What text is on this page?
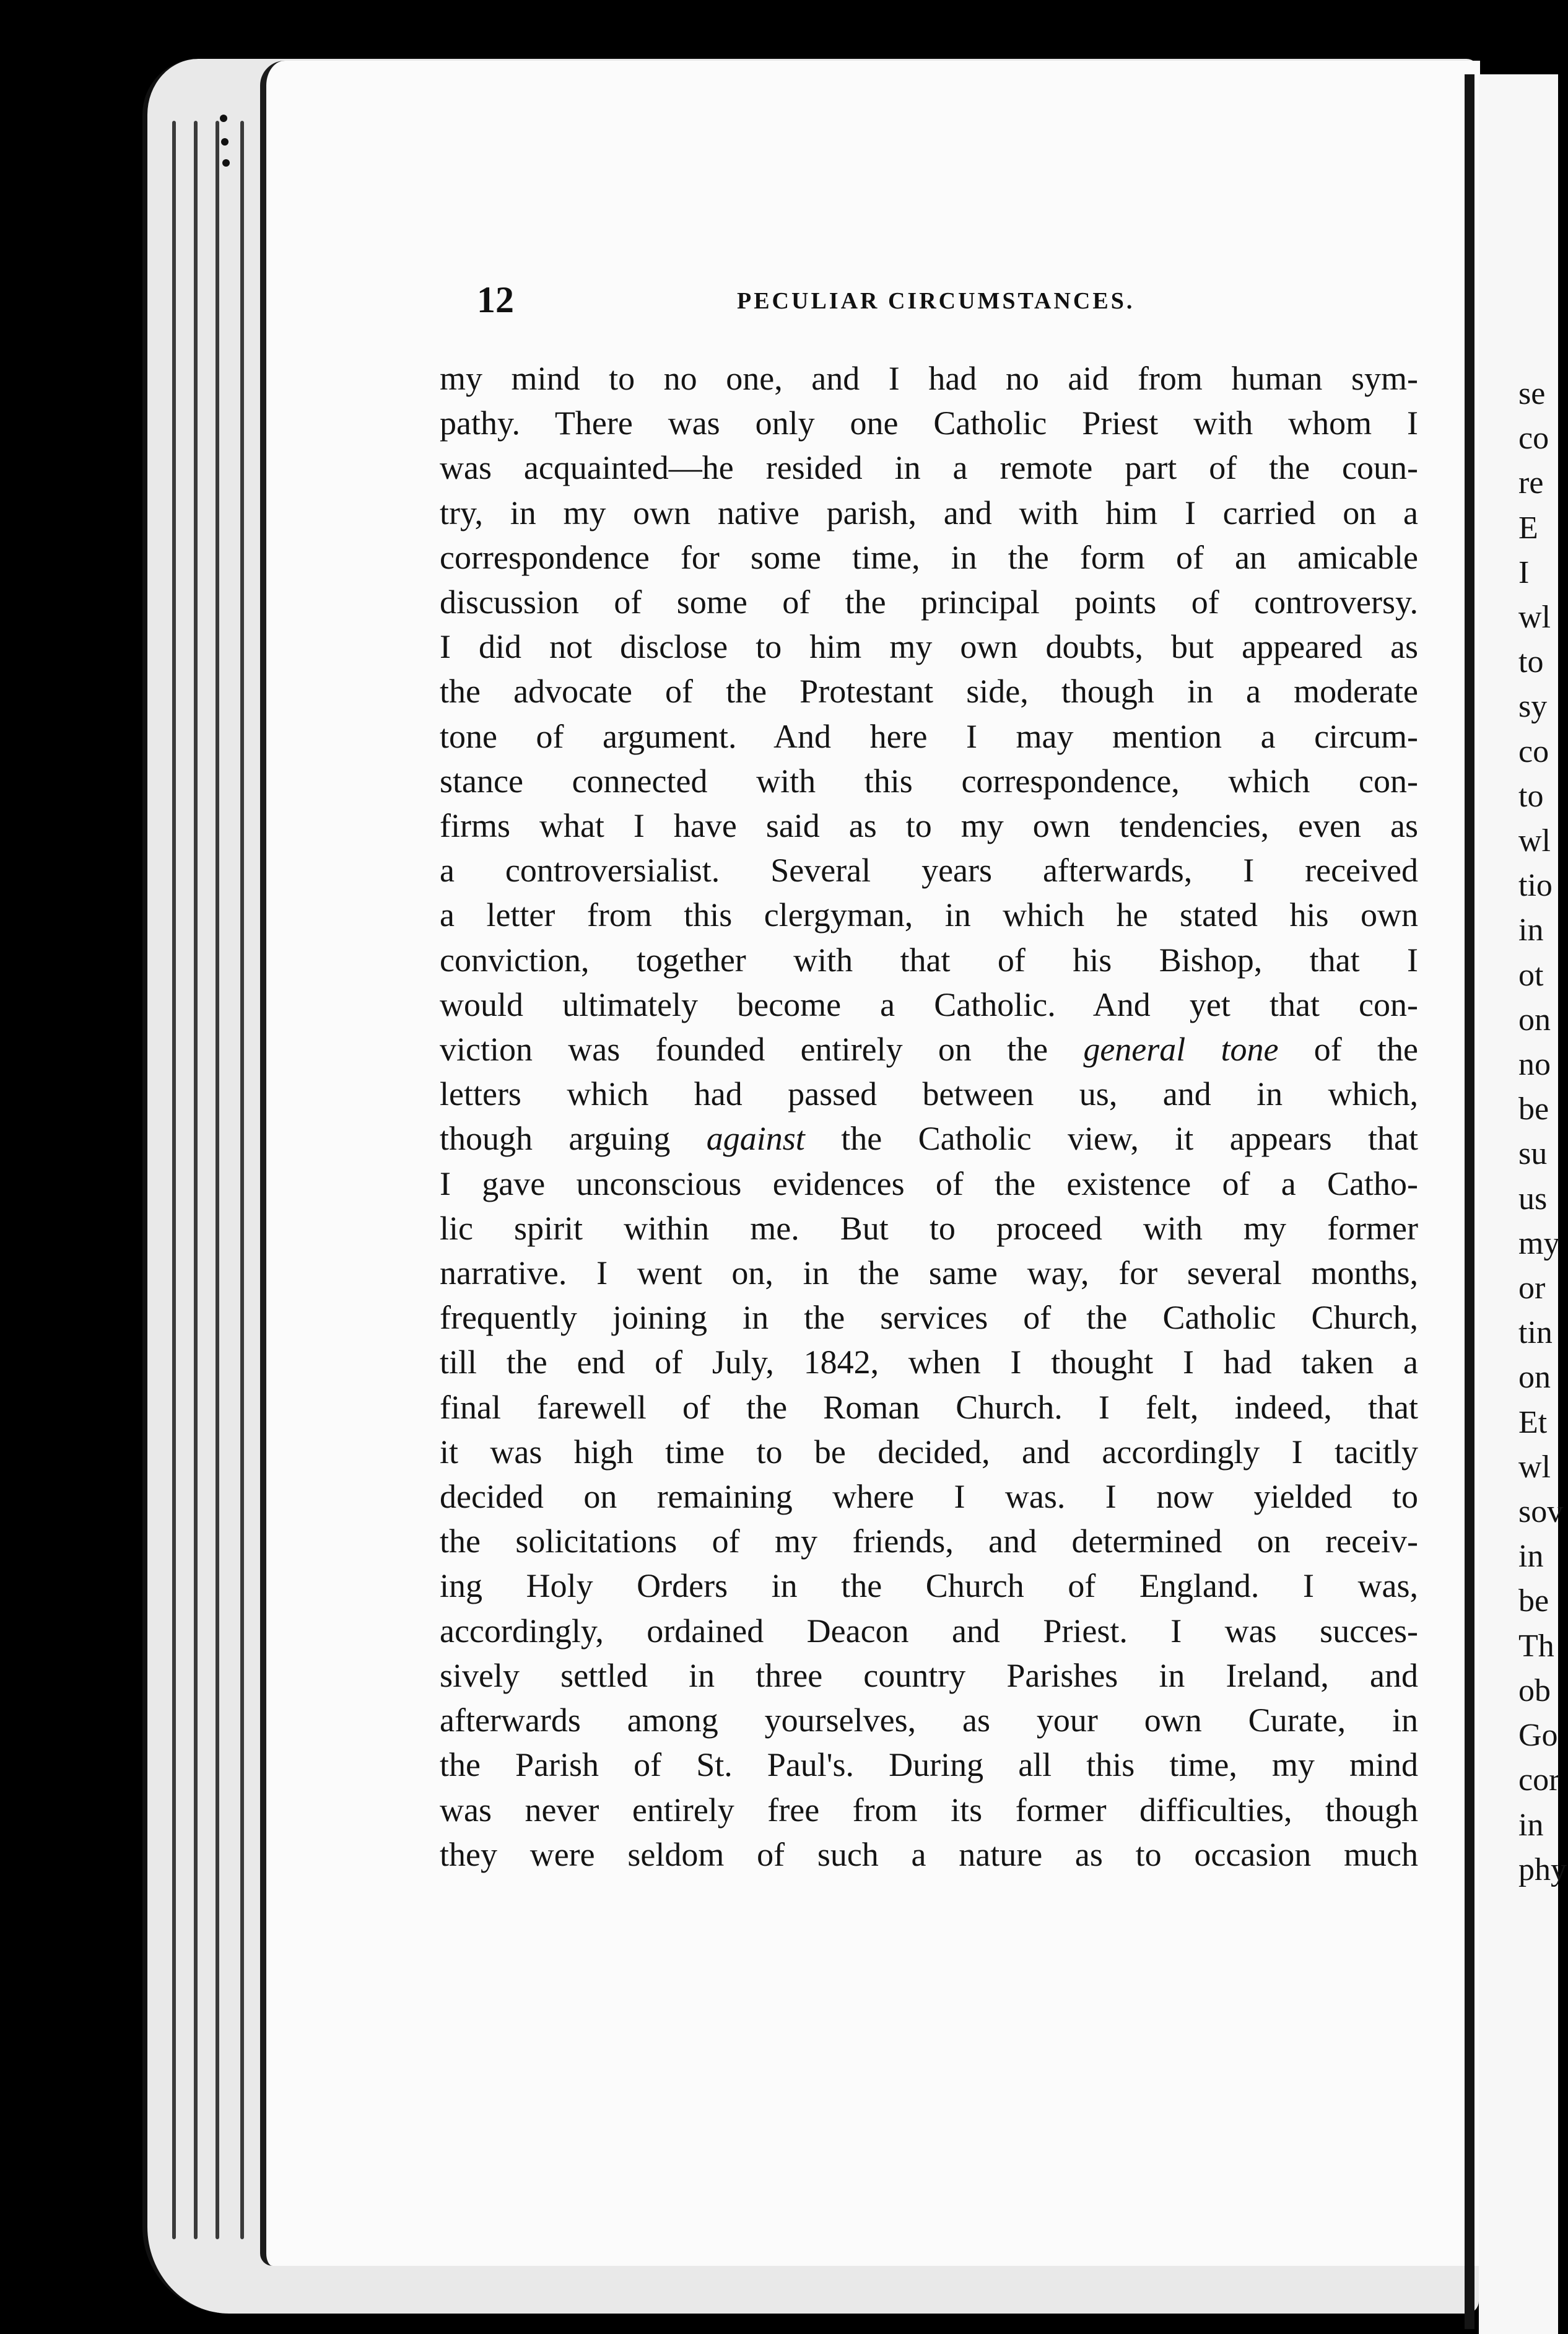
12	PECULIAR CIRCUMSTANCES.
my mind to no one, and I had no aid from human sym-
pathy. There was only one Catholic Priest with whom I
was acquainted—he resided in a remote part of the coun-
try, in my own native parish, and with him I carried on a
correspondence for some time, in the form of an amicable
discussion of some of the principal points of controversy.
I did not disclose to him my own doubts, but appeared as
the advocate of the Protestant side, though in a moderate
tone of argument. And here I may mention a circum-
stance connected with this correspondence, which con-
firms what I have said as to my own tendencies, even as
a controversialist. Several years afterwards, I received
a letter from this clergyman, in which he stated his own
conviction, together with that of his Bishop, that I
would ultimately become a Catholic. And yet that con-
viction was founded entirely on the general tone of the
letters which had passed between us, and in which,
though arguing against the Catholic view, it appears that
I gave unconscious evidences of the existence of a Catho-
lic spirit within me. But to proceed with my former
narrative. I went on, in the same way, for several months,
frequently joining in the services of the Catholic Church,
till the end of July, 1842, when I thought I had taken a
final farewell of the Roman Church. I felt, indeed, that
it was high time to be decided, and accordingly I tacitly
decided on remaining where I was. I now yielded to
the solicitations of my friends, and determined on receiv-
ing Holy Orders in the Church of England. I was,
accordingly, ordained Deacon and Priest. I was succes-
sively settled in three country Parishes in Ireland, and
afterwards among yourselves, as your own Curate, in
the Parish of St. Paul's. During all this time, my mind
was never entirely free from its former difficulties, though
they were seldom of such a nature as to occasion much
se
co
re
E
I
wl
to
sy
co
to
wl
tio
in
ot
on
no
be
su
us
my
or
tin
on
Et
wl
sov
in
be
Th
ob
Go
cor
in
phy
